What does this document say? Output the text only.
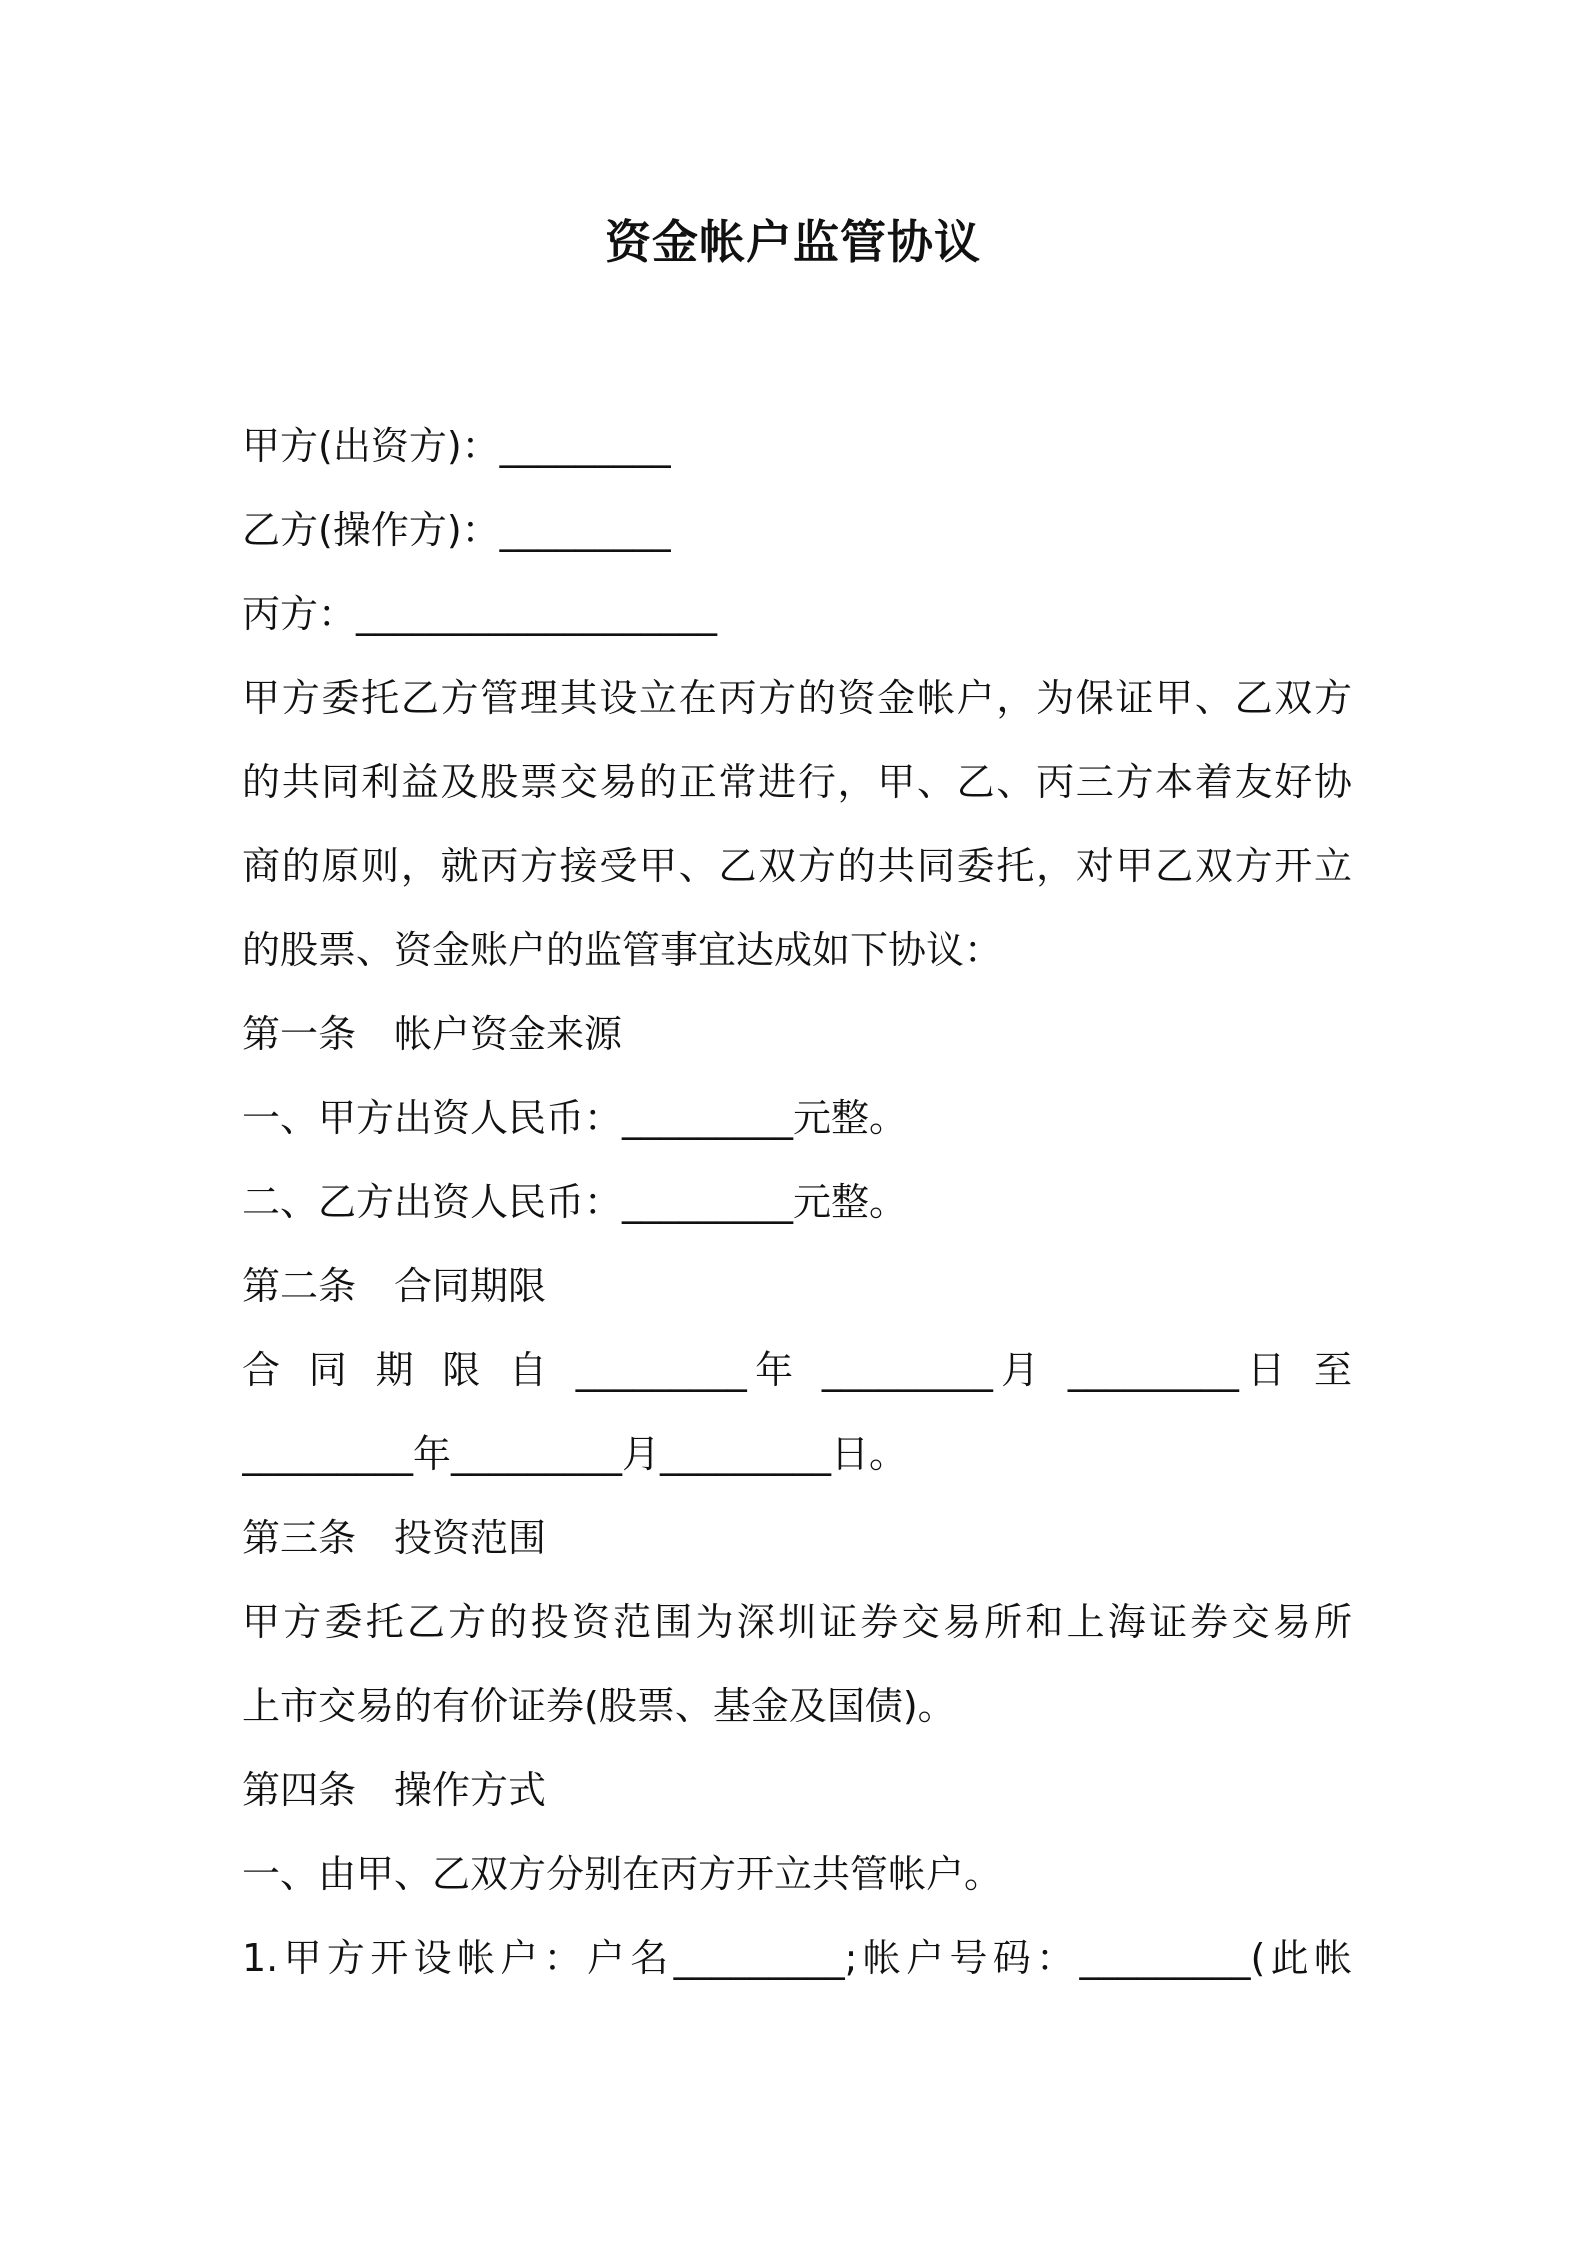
资金帐户监管协议
甲方(出资方)：_________
乙方(操作方)：_________
丙方：___________________
甲方委托乙方管理其设立在丙方的资金帐户，为保证甲、乙双方
的共同利益及股票交易的正常进行，甲、乙、丙三方本着友好协
商的原则，就丙方接受甲、乙双方的共同委托，对甲乙双方开立
的股票、资金账户的监管事宜达成如下协议：
第一条　帐户资金来源
一、甲方出资人民币：_________元整。
二、乙方出资人民币：_________元整。
第二条　合同期限
合 同 期 限 自 _________年 _________月 _________日 至
_________年_________月_________日。
第三条　投资范围
甲方委托乙方的投资范围为深圳证券交易所和上海证券交易所
上市交易的有价证券(股票、基金及国债)。
第四条　操作方式
一、由甲、乙双方分别在丙方开立共管帐户。
1.甲方开设帐户：户名_________;帐户号码：_________(此帐
